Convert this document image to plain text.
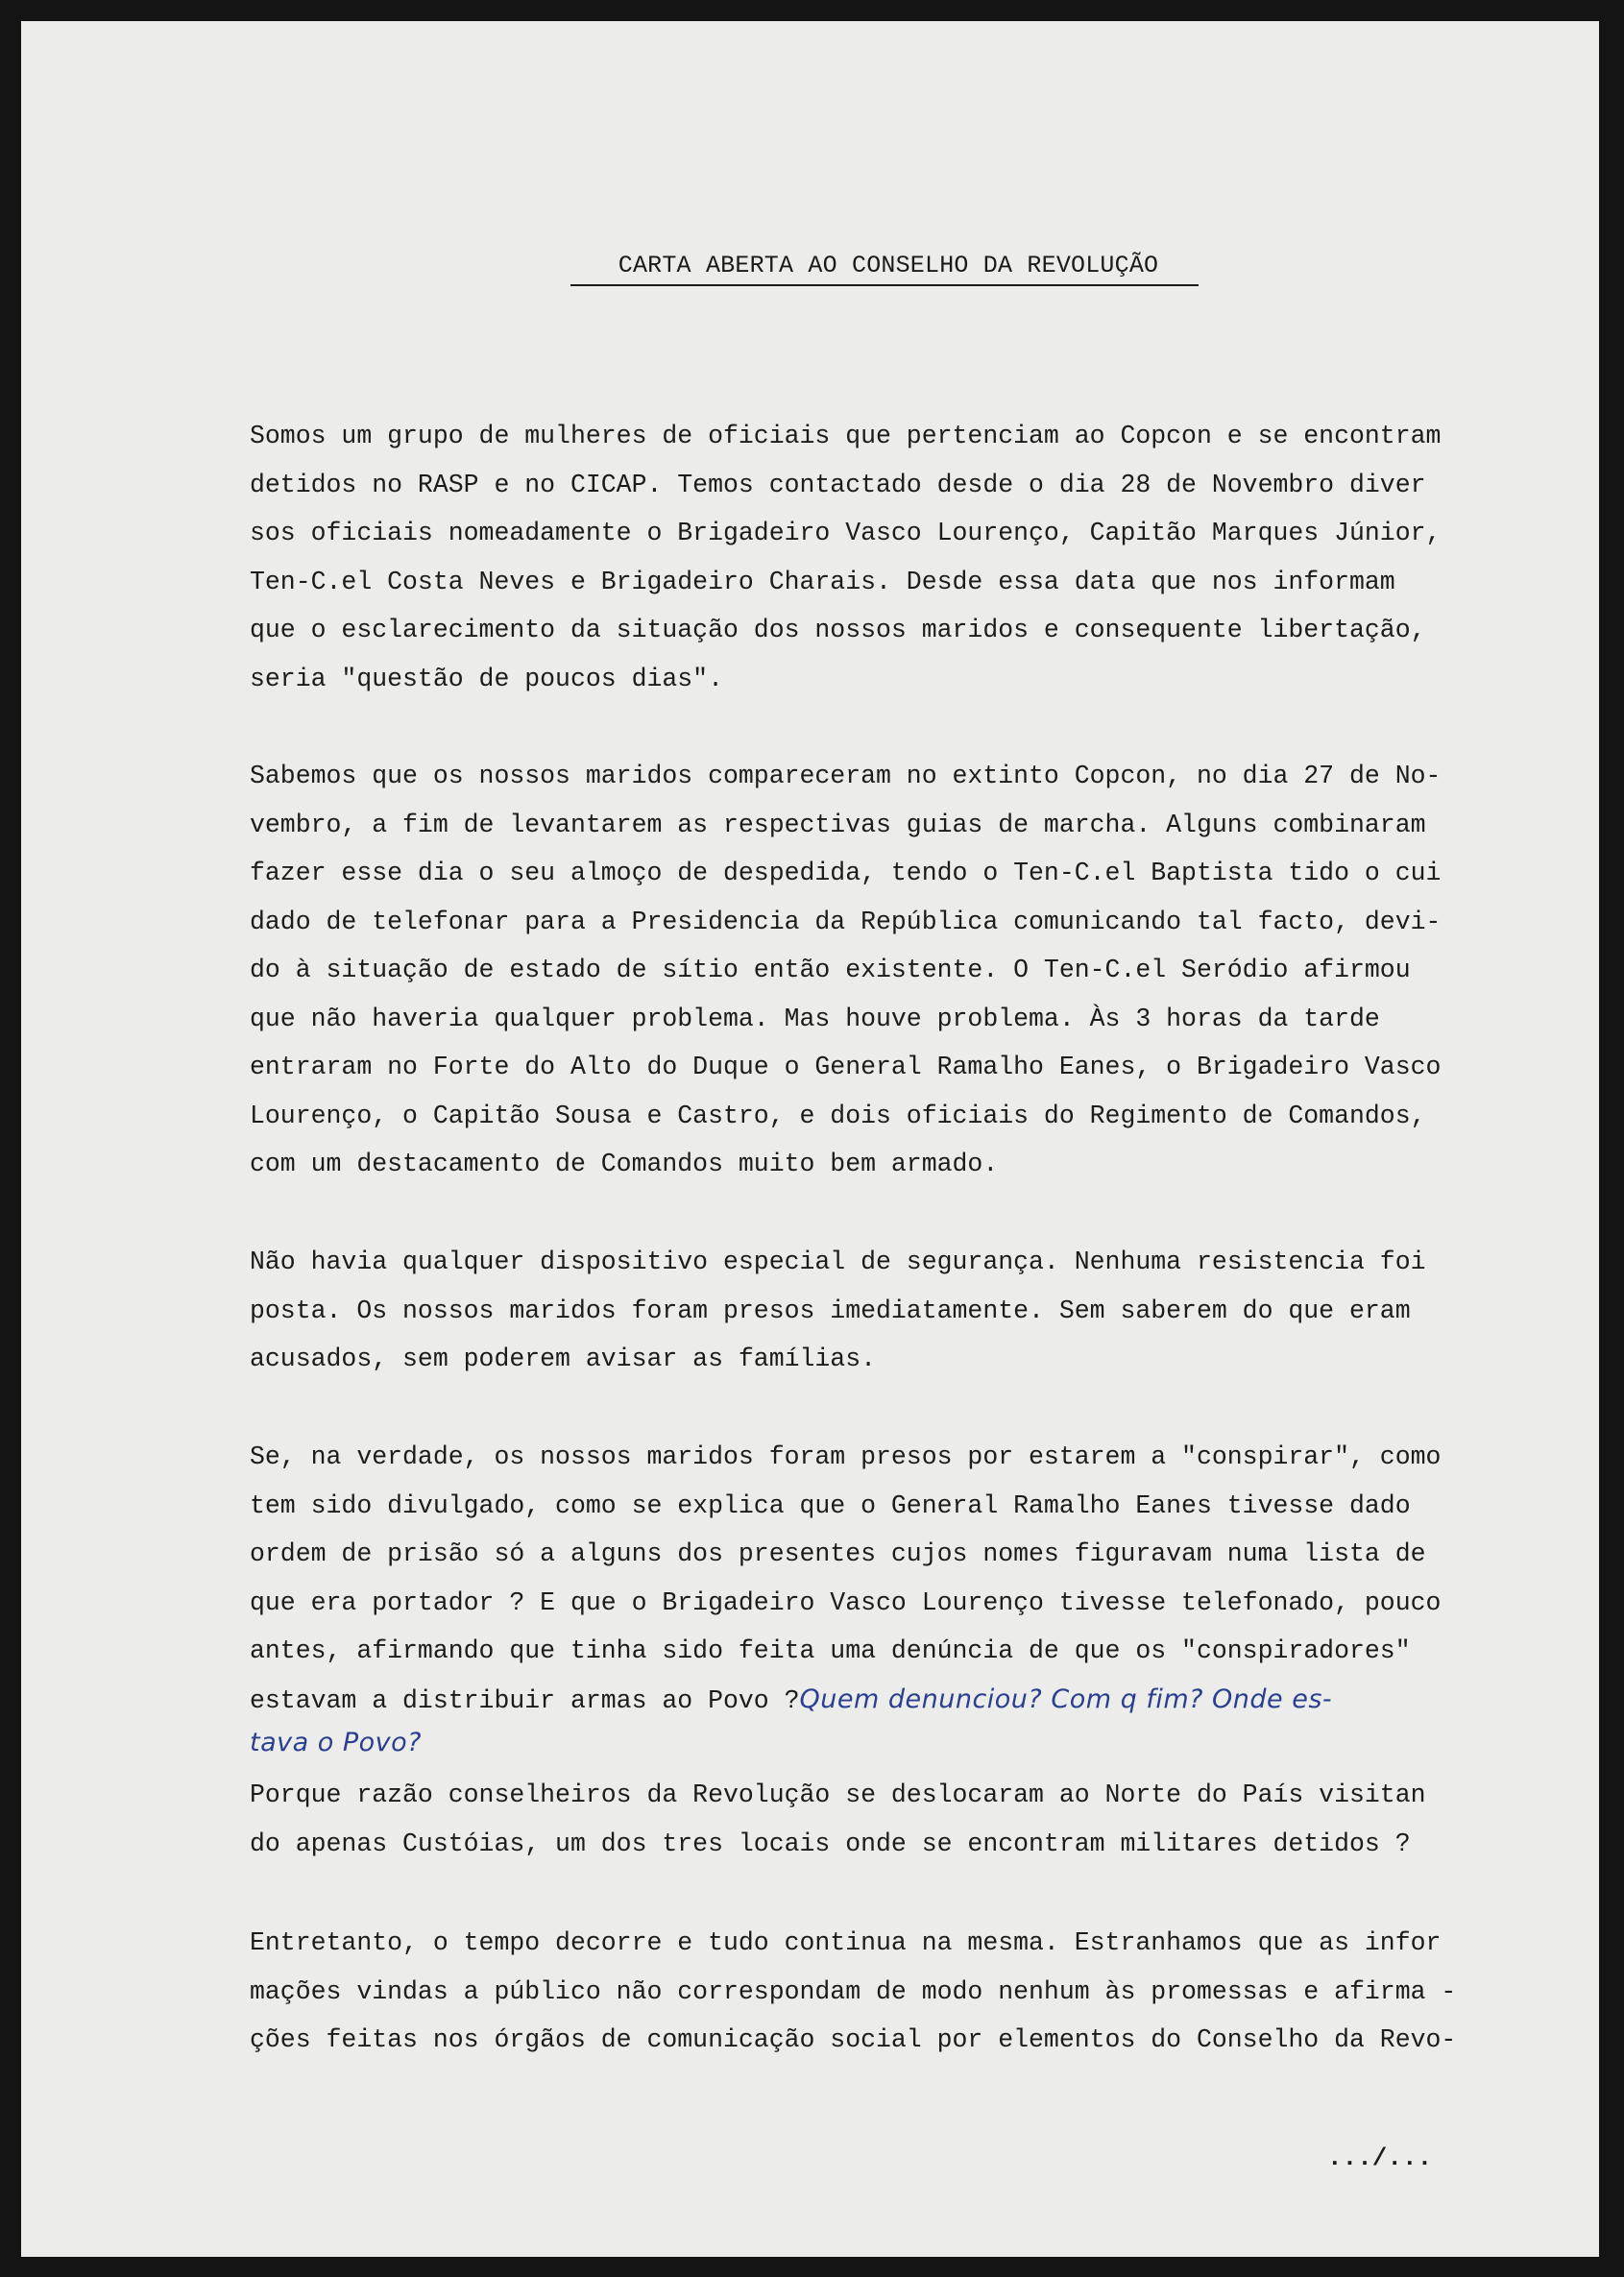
CARTA ABERTA AO CONSELHO DA REVOLUÇÃO
Somos um grupo de mulheres de oficiais que pertenciam ao Copcon e se encontram
detidos no RASP e no CICAP. Temos contactado desde o dia 28 de Novembro diver
sos oficiais nomeadamente o Brigadeiro Vasco Lourenço, Capitão Marques Júnior,
Ten-C.el Costa Neves e Brigadeiro Charais. Desde essa data que nos informam
que o esclarecimento da situação dos nossos maridos e consequente libertação,
seria "questão de poucos dias".
Sabemos que os nossos maridos compareceram no extinto Copcon, no dia 27 de No-
vembro, a fim de levantarem as respectivas guias de marcha. Alguns combinaram
fazer esse dia o seu almoço de despedida, tendo o Ten-C.el Baptista tido o cui
dado de telefonar para a Presidencia da República comunicando tal facto, devi-
do à situação de estado de sítio então existente. O Ten-C.el Seródio afirmou
que não haveria qualquer problema. Mas houve problema. Às 3 horas da tarde
entraram no Forte do Alto do Duque o General Ramalho Eanes, o Brigadeiro Vasco
Lourenço, o Capitão Sousa e Castro, e dois oficiais do Regimento de Comandos,
com um destacamento de Comandos muito bem armado.
Não havia qualquer dispositivo especial de segurança. Nenhuma resistencia foi
posta. Os nossos maridos foram presos imediatamente. Sem saberem do que eram
acusados, sem poderem avisar as famílias.
Se, na verdade, os nossos maridos foram presos por estarem a "conspirar", como
tem sido divulgado, como se explica que o General Ramalho Eanes tivesse dado
ordem de prisão só a alguns dos presentes cujos nomes figuravam numa lista de
que era portador ? E que o Brigadeiro Vasco Lourenço tivesse telefonado, pouco
antes, afirmando que tinha sido feita uma denúncia de que os "conspiradores"
estavam a distribuir armas ao Povo ?Quem denunciou? Com q fim? Onde es-
tava o Povo?
Porque razão conselheiros da Revolução se deslocaram ao Norte do País visitan
do apenas Custóias, um dos tres locais onde se encontram militares detidos ?
Entretanto, o tempo decorre e tudo continua na mesma. Estranhamos que as infor
mações vindas a público não correspondam de modo nenhum às promessas e afirma -
ções feitas nos órgãos de comunicação social por elementos do Conselho da Revo-
.../...
